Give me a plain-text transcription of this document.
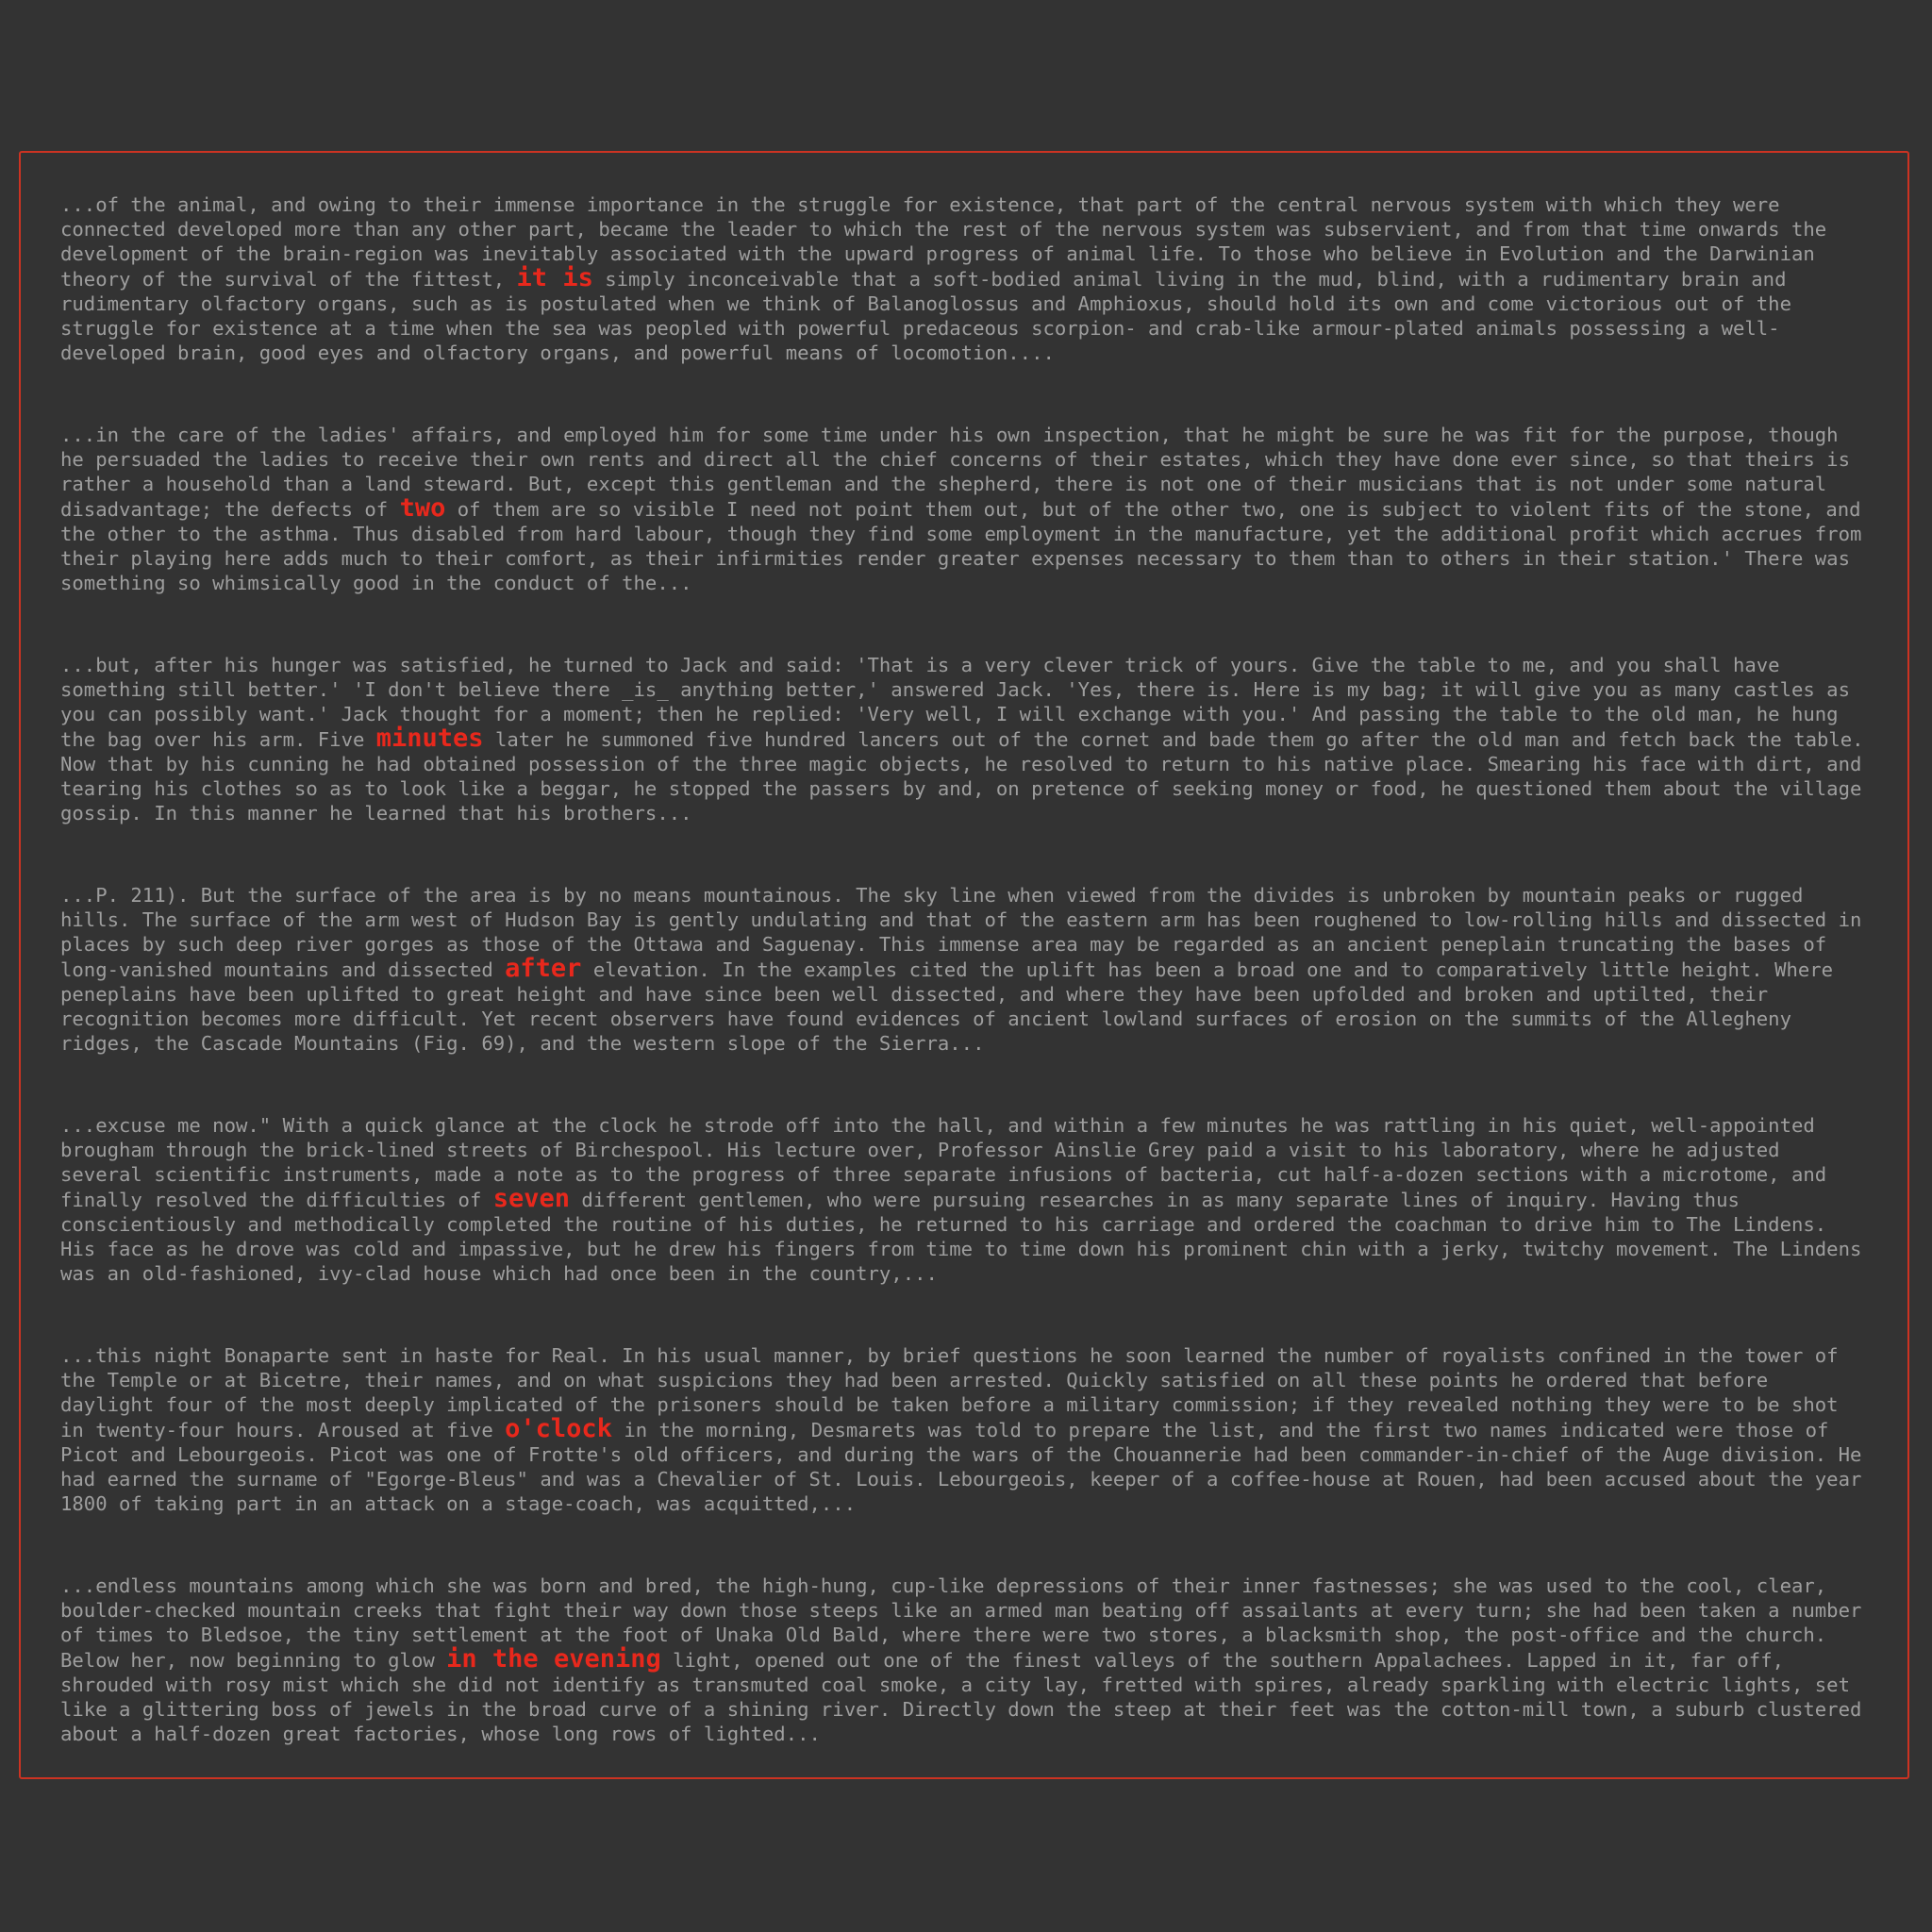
...of the animal, and owing to their immense importance in the struggle for existence, that part of the central nervous system with which they were connected developed more than any other part, became the leader to which the rest of the nervous system was subservient, and from that time onwards the development of the brain-region was inevitably associated with the upward progress of animal life. To those who believe in Evolution and the Darwinian theory of the survival of the fittest, it is simply inconceivable that a soft-bodied animal living in the mud, blind, with a rudimentary brain and rudimentary olfactory organs, such as is postulated when we think of Balanoglossus and Amphioxus, should hold its own and come victorious out of the struggle for existence at a time when the sea was peopled with powerful predaceous scorpion- and crab-like armour-plated animals possessing a well-developed brain, good eyes and olfactory organs, and powerful means of locomotion....

...in the care of the ladies' affairs, and employed him for some time under his own inspection, that he might be sure he was fit for the purpose, though he persuaded the ladies to receive their own rents and direct all the chief concerns of their estates, which they have done ever since, so that theirs is rather a household than a land steward. But, except this gentleman and the shepherd, there is not one of their musicians that is not under some natural disadvantage; the defects of two of them are so visible I need not point them out, but of the other two, one is subject to violent fits of the stone, and the other to the asthma. Thus disabled from hard labour, though they find some employment in the manufacture, yet the additional profit which accrues from their playing here adds much to their comfort, as their infirmities render greater expenses necessary to them than to others in their station.' There was something so whimsically good in the conduct of the...

...but, after his hunger was satisfied, he turned to Jack and said: 'That is a very clever trick of yours. Give the table to me, and you shall have something still better.' 'I don't believe there _is_ anything better,' answered Jack. 'Yes, there is. Here is my bag; it will give you as many castles as you can possibly want.' Jack thought for a moment; then he replied: 'Very well, I will exchange with you.' And passing the table to the old man, he hung the bag over his arm. Five minutes later he summoned five hundred lancers out of the cornet and bade them go after the old man and fetch back the table. Now that by his cunning he had obtained possession of the three magic objects, he resolved to return to his native place. Smearing his face with dirt, and tearing his clothes so as to look like a beggar, he stopped the passers by and, on pretence of seeking money or food, he questioned them about the village gossip. In this manner he learned that his brothers...

...P. 211). But the surface of the area is by no means mountainous. The sky line when viewed from the divides is unbroken by mountain peaks or rugged hills. The surface of the arm west of Hudson Bay is gently undulating and that of the eastern arm has been roughened to low-rolling hills and dissected in places by such deep river gorges as those of the Ottawa and Saguenay. This immense area may be regarded as an ancient peneplain truncating the bases of long-vanished mountains and dissected after elevation. In the examples cited the uplift has been a broad one and to comparatively little height. Where peneplains have been uplifted to great height and have since been well dissected, and where they have been upfolded and broken and uptilted, their recognition becomes more difficult. Yet recent observers have found evidences of ancient lowland surfaces of erosion on the summits of the Allegheny ridges, the Cascade Mountains (Fig. 69), and the western slope of the Sierra...

...excuse me now." With a quick glance at the clock he strode off into the hall, and within a few minutes he was rattling in his quiet, well-appointed brougham through the brick-lined streets of Birchespool. His lecture over, Professor Ainslie Grey paid a visit to his laboratory, where he adjusted several scientific instruments, made a note as to the progress of three separate infusions of bacteria, cut half-a-dozen sections with a microtome, and finally resolved the difficulties of seven different gentlemen, who were pursuing researches in as many separate lines of inquiry. Having thus conscientiously and methodically completed the routine of his duties, he returned to his carriage and ordered the coachman to drive him to The Lindens. His face as he drove was cold and impassive, but he drew his fingers from time to time down his prominent chin with a jerky, twitchy movement. The Lindens was an old-fashioned, ivy-clad house which had once been in the country,...

...this night Bonaparte sent in haste for Real. In his usual manner, by brief questions he soon learned the number of royalists confined in the tower of the Temple or at Bicetre, their names, and on what suspicions they had been arrested. Quickly satisfied on all these points he ordered that before daylight four of the most deeply implicated of the prisoners should be taken before a military commission; if they revealed nothing they were to be shot in twenty-four hours. Aroused at five o'clock in the morning, Desmarets was told to prepare the list, and the first two names indicated were those of Picot and Lebourgeois. Picot was one of Frotte's old officers, and during the wars of the Chouannerie had been commander-in-chief of the Auge division. He had earned the surname of "Egorge-Bleus" and was a Chevalier of St. Louis. Lebourgeois, keeper of a coffee-house at Rouen, had been accused about the year 1800 of taking part in an attack on a stage-coach, was acquitted,...

...endless mountains among which she was born and bred, the high-hung, cup-like depressions of their inner fastnesses; she was used to the cool, clear, boulder-checked mountain creeks that fight their way down those steeps like an armed man beating off assailants at every turn; she had been taken a number of times to Bledsoe, the tiny settlement at the foot of Unaka Old Bald, where there were two stores, a blacksmith shop, the post-office and the church. Below her, now beginning to glow in the evening light, opened out one of the finest valleys of the southern Appalachees. Lapped in it, far off, shrouded with rosy mist which she did not identify as transmuted coal smoke, a city lay, fretted with spires, already sparkling with electric lights, set like a glittering boss of jewels in the broad curve of a shining river. Directly down the steep at their feet was the cotton-mill town, a suburb clustered about a half-dozen great factories, whose long rows of lighted...
